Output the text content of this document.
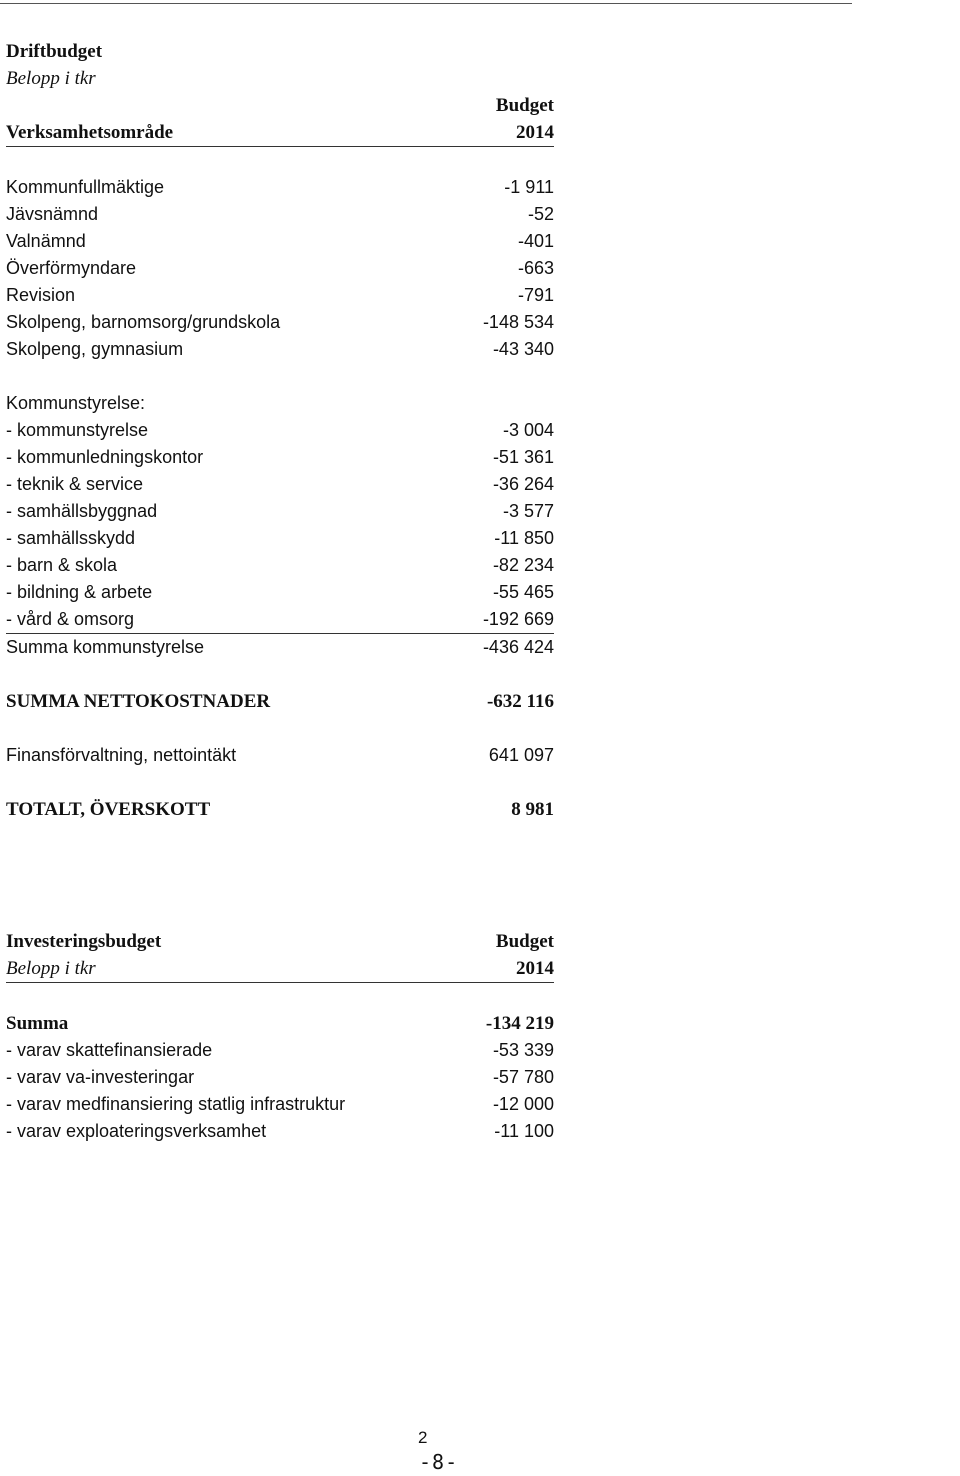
Driftbudget
Belopp i tkr
Budget
Verksamhetsområde	2014
Kommunfullmäktige	-1 911
Jävsnämnd	-52
Valnämnd	-401
Överförmyndare	-663
Revision	-791
Skolpeng, barnomsorg/grundskola	-148 534
Skolpeng, gymnasium	-43 340
Kommunstyrelse:
- kommunstyrelse	-3 004
- kommunledningskontor	-51 361
- teknik & service	-36 264
- samhällsbyggnad	-3 577
- samhällsskydd	-11 850
- barn & skola	-82 234
- bildning & arbete	-55 465
- vård & omsorg	-192 669
Summa kommunstyrelse	-436 424
SUMMA NETTOKOSTNADER	-632 116
Finansförvaltning, nettointäkt	641 097
TOTALT, ÖVERSKOTT	8 981
Investeringsbudget	Budget
Belopp i tkr	2014
Summa	-134 219
- varav skattefinansierade	-53 339
- varav va-investeringar	-57 780
- varav medfinansiering statlig infrastruktur	-12 000
- varav exploateringsverksamhet	-11 100
2
-8-
